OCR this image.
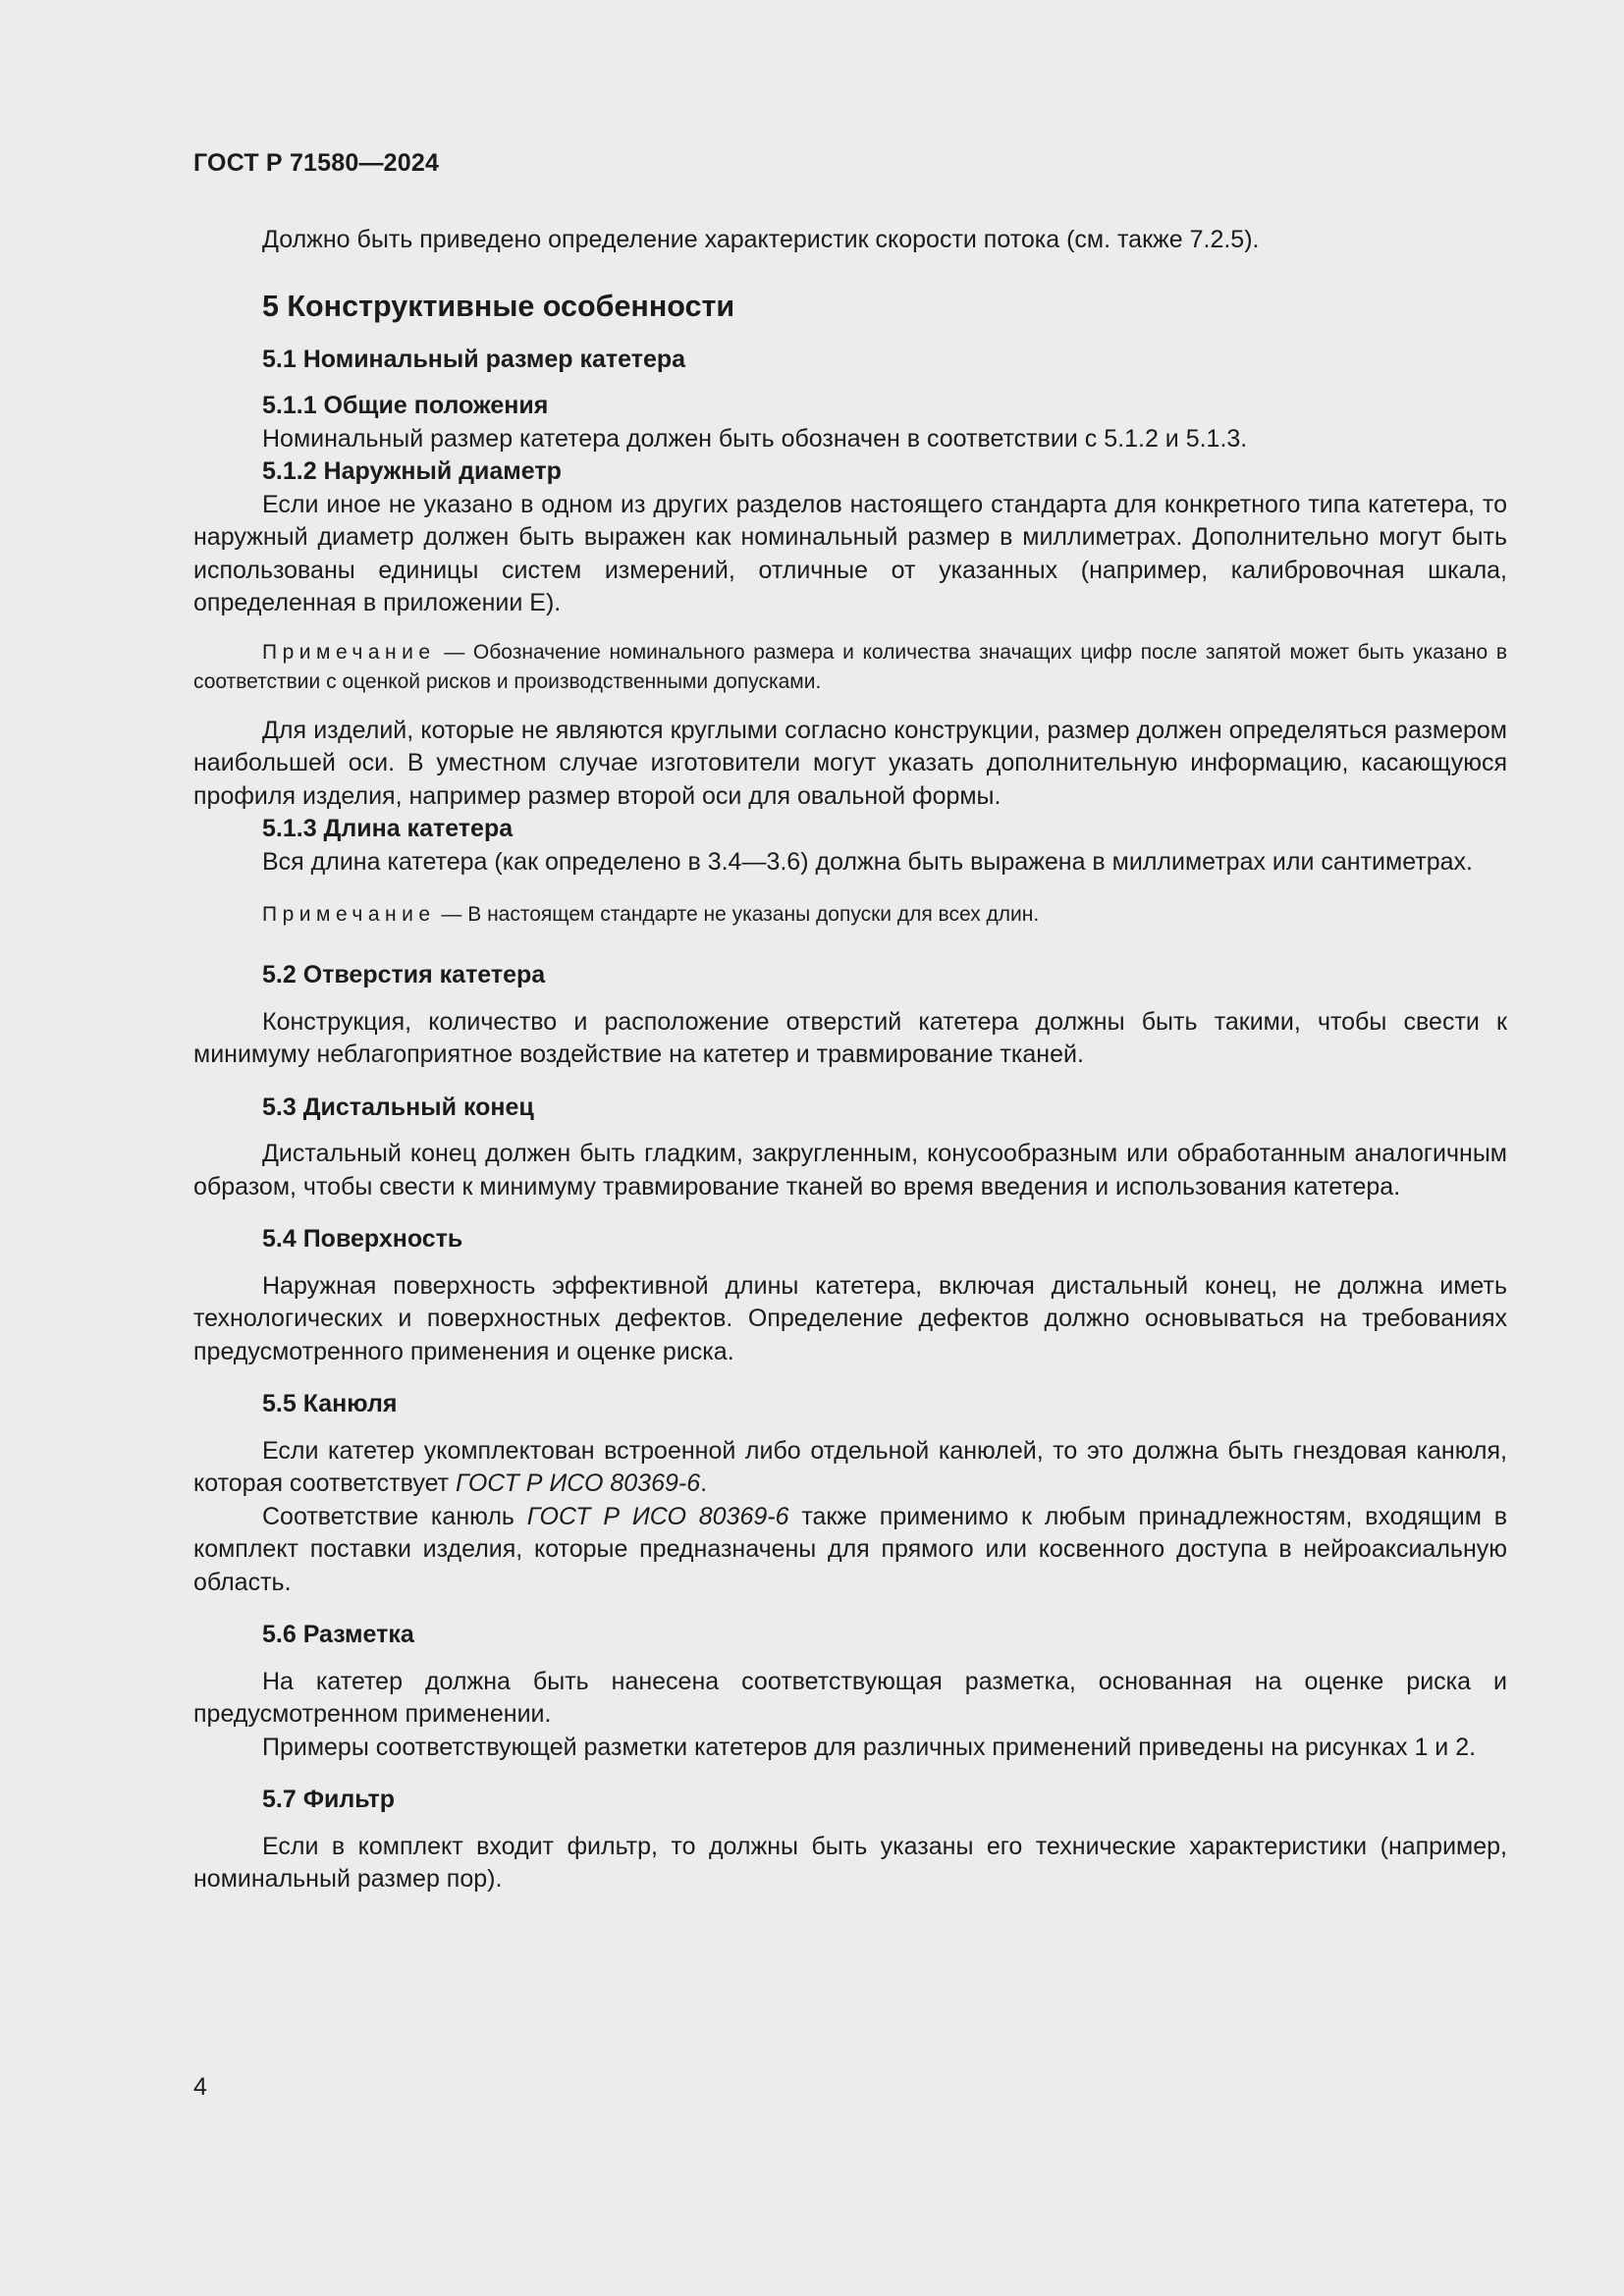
ГОСТ Р 71580—2024

Должно быть приведено определение характеристик скорости потока (см. также 7.2.5).

5 Конструктивные особенности
5.1 Номинальный размер катетера
5.1.1 Общие положения

Номинальный размер катетера должен быть обозначен в соответствии с 5.1.2 и 5.1.3.

5.1.2 Наружный диаметр

Если иное не указано в одном из других разделов настоящего стандарта для конкретного типа катетера, то наружный диаметр должен быть выражен как номинальный размер в миллиметрах. Дополнительно могут быть использованы единицы систем измерений, отличные от указанных (например, калибровочная шкала, определенная в приложении Е).

Примечание — Обозначение номинального размера и количества значащих цифр после запятой может быть указано в соответствии с оценкой рисков и производственными допусками.

Для изделий, которые не являются круглыми согласно конструкции, размер должен определяться размером наибольшей оси. В уместном случае изготовители могут указать дополнительную информацию, касающуюся профиля изделия, например размер второй оси для овальной формы.

5.1.3 Длина катетера

Вся длина катетера (как определено в 3.4—3.6) должна быть выражена в миллиметрах или сантиметрах.

Примечание — В настоящем стандарте не указаны допуски для всех длин.

5.2 Отверстия катетера

Конструкция, количество и расположение отверстий катетера должны быть такими, чтобы свести к минимуму неблагоприятное воздействие на катетер и травмирование тканей.

5.3 Дистальный конец

Дистальный конец должен быть гладким, закругленным, конусообразным или обработанным аналогичным образом, чтобы свести к минимуму травмирование тканей во время введения и использования катетера.

5.4 Поверхность

Наружная поверхность эффективной длины катетера, включая дистальный конец, не должна иметь технологических и поверхностных дефектов. Определение дефектов должно основываться на требованиях предусмотренного применения и оценке риска.

5.5 Канюля

Если катетер укомплектован встроенной либо отдельной канюлей, то это должна быть гнездовая канюля, которая соответствует ГОСТ Р ИСО 80369-6.

Соответствие канюль ГОСТ Р ИСО 80369-6 также применимо к любым принадлежностям, входящим в комплект поставки изделия, которые предназначены для прямого или косвенного доступа в нейроаксиальную область.

5.6 Разметка

На катетер должна быть нанесена соответствующая разметка, основанная на оценке риска и предусмотренном применении.

Примеры соответствующей разметки катетеров для различных применений приведены на рисунках 1 и 2.

5.7 Фильтр

Если в комплект входит фильтр, то должны быть указаны его технические характеристики (например, номинальный размер пор).

4
